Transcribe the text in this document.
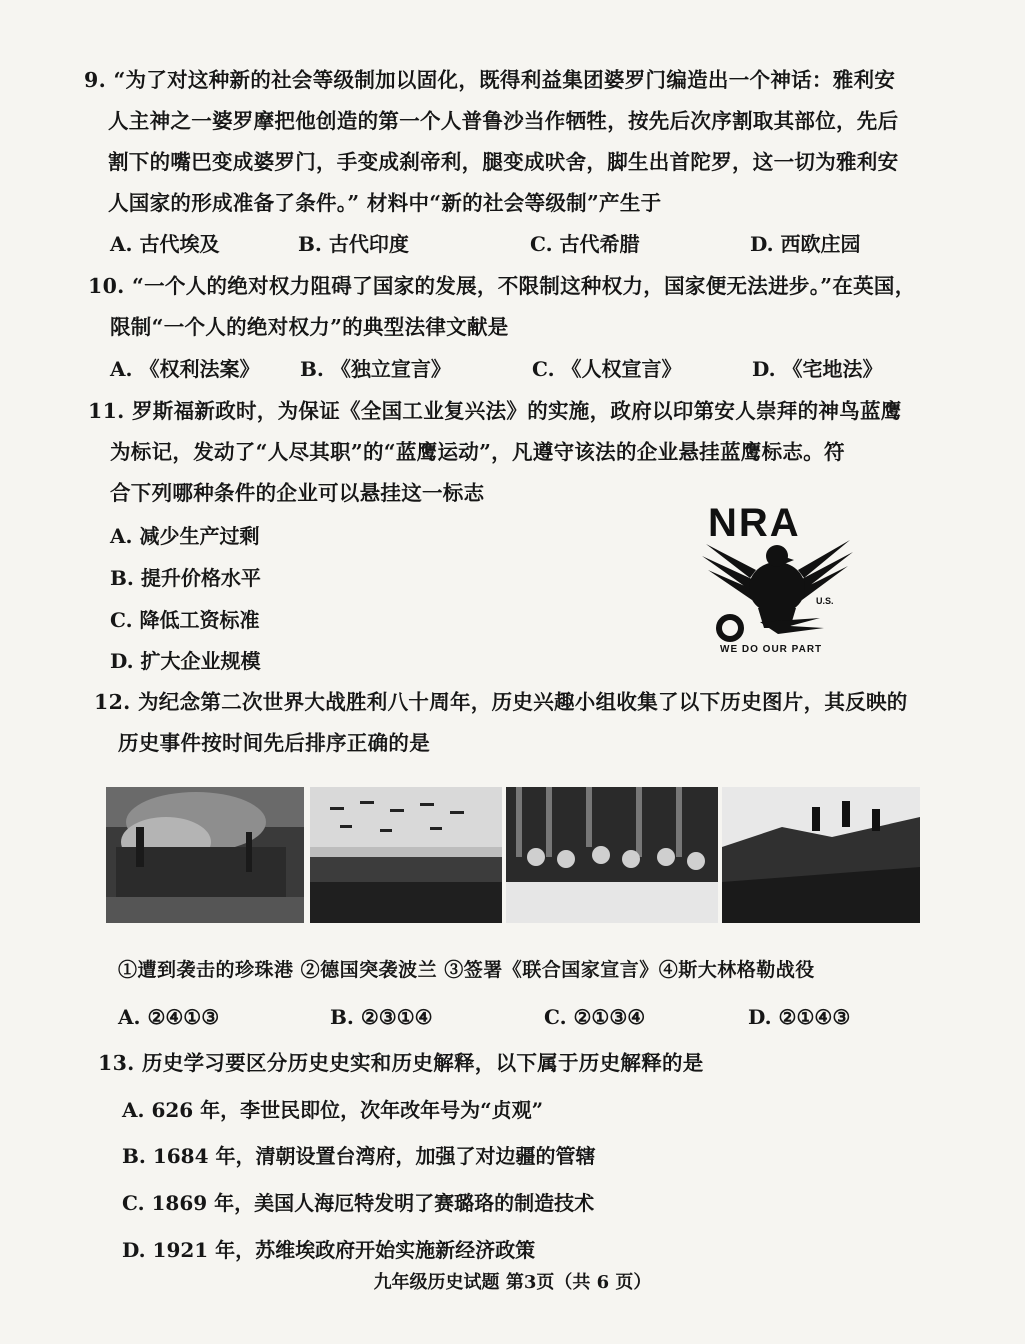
9. “为了对这种新的社会等级制加以固化，既得利益集团婆罗门编造出一个神话：雅利安
人主神之一婆罗摩把他创造的第一个人普鲁沙当作牺牲，按先后次序割取其部位，先后
割下的嘴巴变成婆罗门，手变成刹帝利，腿变成吠舍，脚生出首陀罗，这一切为雅利安
人国家的形成准备了条件。” 材料中“新的社会等级制”产生于
A. 古代埃及	B. 古代印度	C. 古代希腊	D. 西欧庄园
10. “一个人的绝对权力阻碍了国家的发展，不限制这种权力，国家便无法进步。”在英国，
限制“一个人的绝对权力”的典型法律文献是
A. 《权利法案》 B. 《独立宣言》	C. 《人权宣言》	D. 《宅地法》
11. 罗斯福新政时，为保证《全国工业复兴法》的实施，政府以印第安人崇拜的神鸟蓝鹰
为标记，发动了“人尽其职”的“蓝鹰运动”，凡遵守该法的企业悬挂蓝鹰标志。符
合下列哪种条件的企业可以悬挂这一标志
A. 减少生产过剩
B. 提升价格水平
C. 降低工资标准
D. 扩大企业规模
NRA
U.S.
WE DO OUR PART
12. 为纪念第二次世界大战胜利八十周年，历史兴趣小组收集了以下历史图片，其反映的
历史事件按时间先后排序正确的是
①遭到袭击的珍珠港 ②德国突袭波兰 ③签署《联合国家宣言》④斯大林格勒战役
A. ②④①③	B. ②③①④	C. ②①③④	D. ②①④③
13. 历史学习要区分历史史实和历史解释，以下属于历史解释的是
A. 626 年，李世民即位，次年改年号为“贞观”
B. 1684 年，清朝设置台湾府，加强了对边疆的管辖
C. 1869 年，美国人海厄特发明了赛璐珞的制造技术
D. 1921 年，苏维埃政府开始实施新经济政策
九年级历史试题 第3页（共 6 页）
